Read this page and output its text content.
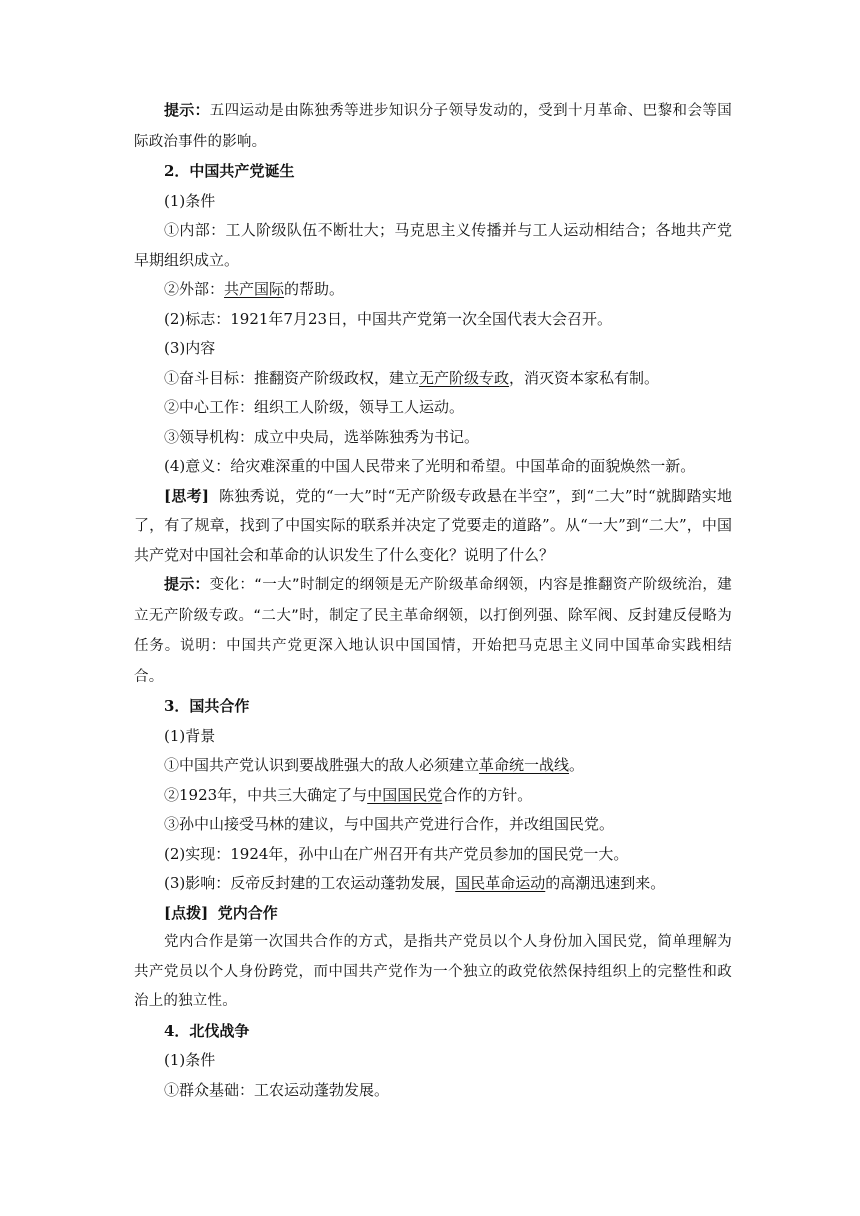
提示：五四运动是由陈独秀等进步知识分子领导发动的，受到十月革命、巴黎和会等国际政治事件的影响。

2．中国共产党诞生

(1)条件

①内部：工人阶级队伍不断壮大；马克思主义传播并与工人运动相结合；各地共产党早期组织成立。

②外部：共产国际的帮助。

(2)标志：1921年7月23日，中国共产党第一次全国代表大会召开。

(3)内容

①奋斗目标：推翻资产阶级政权，建立无产阶级专政，消灭资本家私有制。

②中心工作：组织工人阶级，领导工人运动。

③领导机构：成立中央局，选举陈独秀为书记。

(4)意义：给灾难深重的中国人民带来了光明和希望。中国革命的面貌焕然一新。

[思考] 陈独秀说，党的“一大”时“无产阶级专政悬在半空”，到“二大”时“就脚踏实地了，有了规章，找到了中国实际的联系并决定了党要走的道路”。从“一大”到“二大”，中国共产党对中国社会和革命的认识发生了什么变化？说明了什么？

提示：变化：“一大”时制定的纲领是无产阶级革命纲领，内容是推翻资产阶级统治，建立无产阶级专政。“二大”时，制定了民主革命纲领，以打倒列强、除军阀、反封建反侵略为任务。说明：中国共产党更深入地认识中国国情，开始把马克思主义同中国革命实践相结合。

3．国共合作

(1)背景

①中国共产党认识到要战胜强大的敌人必须建立革命统一战线。

②1923年，中共三大确定了与中国国民党合作的方针。

③孙中山接受马林的建议，与中国共产党进行合作，并改组国民党。

(2)实现：1924年，孙中山在广州召开有共产党员参加的国民党一大。

(3)影响：反帝反封建的工农运动蓬勃发展，国民革命运动的高潮迅速到来。

[点拨] 党内合作

党内合作是第一次国共合作的方式，是指共产党员以个人身份加入国民党，简单理解为共产党员以个人身份跨党，而中国共产党作为一个独立的政党依然保持组织上的完整性和政治上的独立性。

4．北伐战争

(1)条件

①群众基础：工农运动蓬勃发展。
